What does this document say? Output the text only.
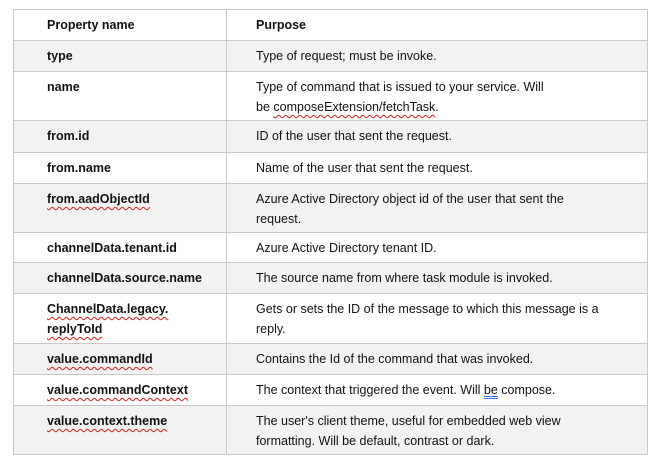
Property name	Purpose
type	Type of request; must be invoke.
name	Type of command that is issued to your service. Will
be composeExtension/fetchTask.
from.id	ID of the user that sent the request.
from.name	Name of the user that sent the request.
from.aadObjectId	Azure Active Directory object id of the user that sent the
request.
channelData.tenant.id	Azure Active Directory tenant ID.
channelData.source.name	The source name from where task module is invoked.
ChannelData.legacy.
replyToId	Gets or sets the ID of the message to which this message is a
reply.
value.commandId	Contains the Id of the command that was invoked.
value.commandContext	The context that triggered the event. Will be compose.
value.context.theme	The user's client theme, useful for embedded web view
formatting. Will be default, contrast or dark.
